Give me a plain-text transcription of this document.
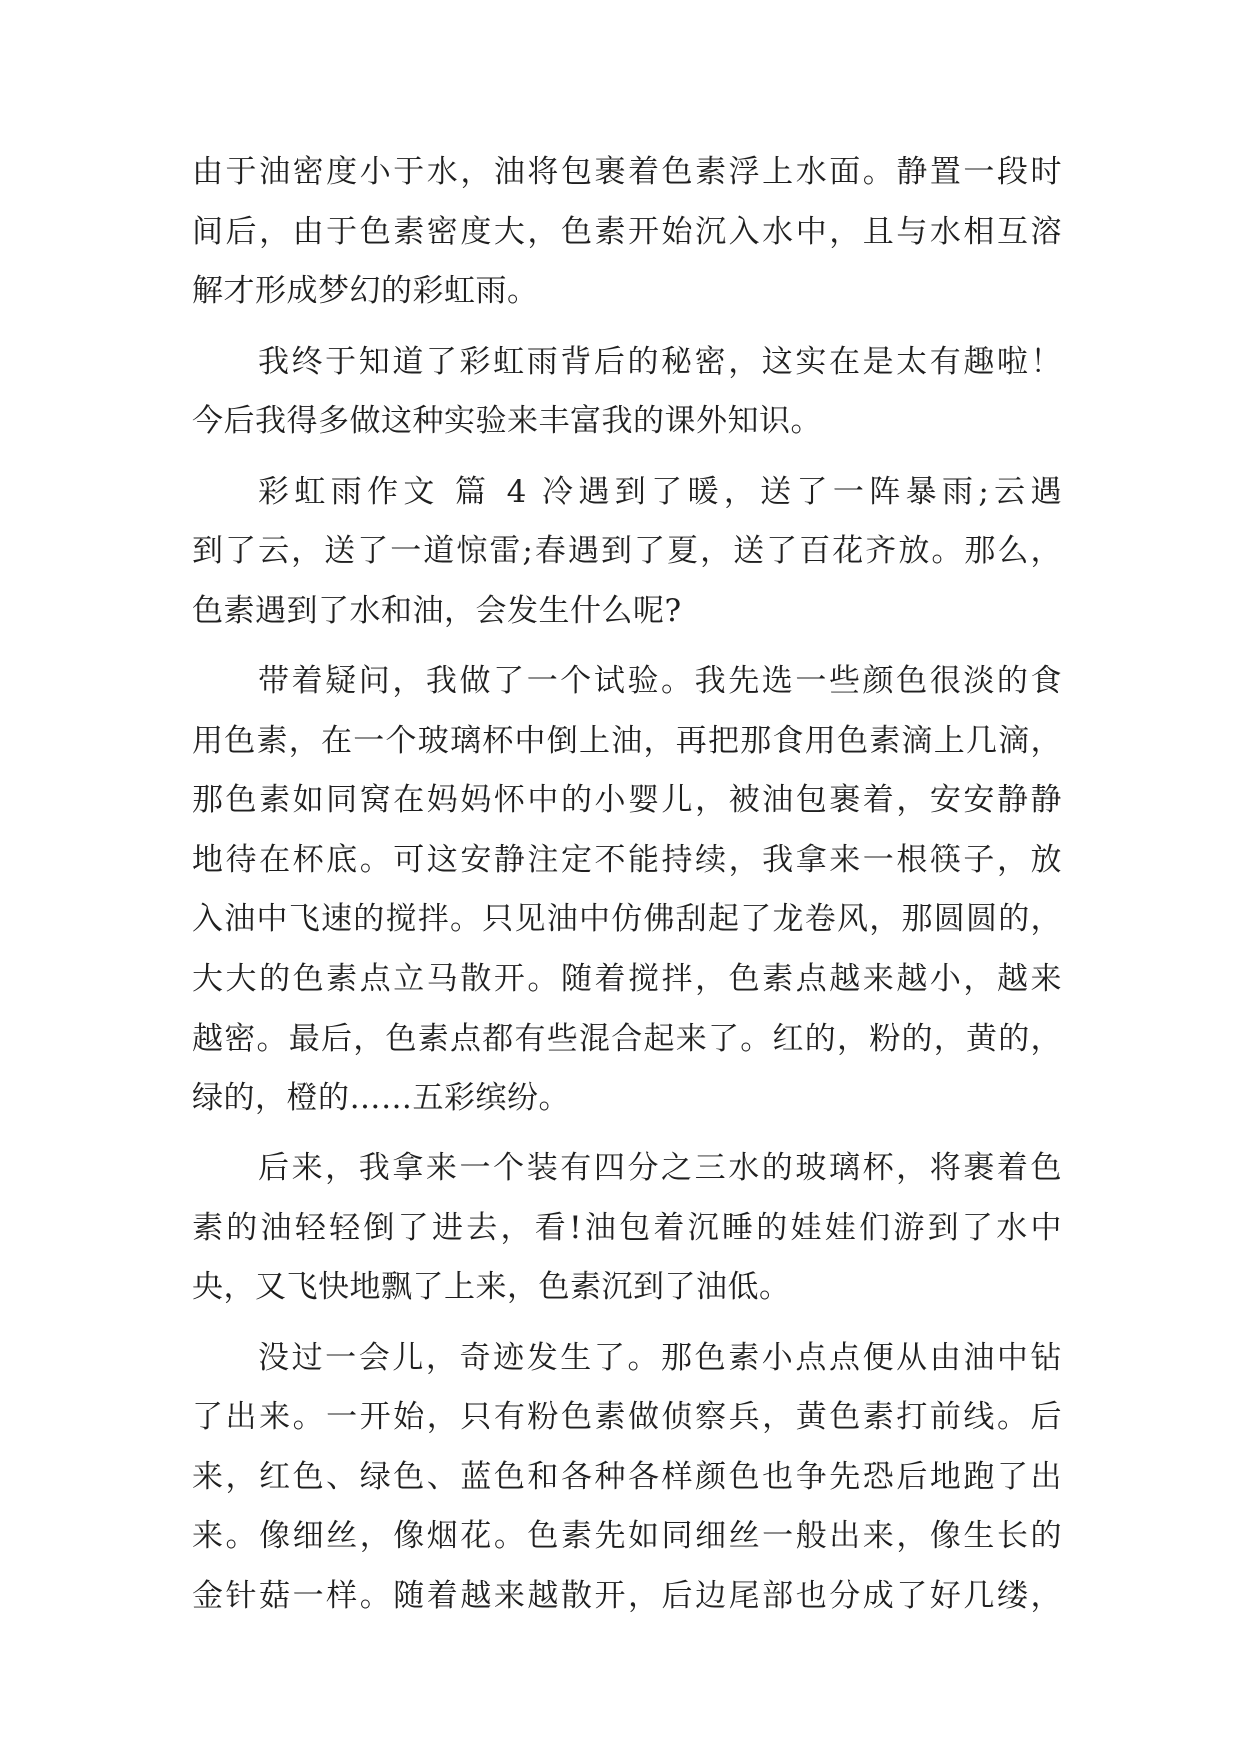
由于油密度小于水，油将包裹着色素浮上水面。静置一段时
间后，由于色素密度大，色素开始沉入水中，且与水相互溶
解才形成梦幻的彩虹雨。
我终于知道了彩虹雨背后的秘密，这实在是太有趣啦！
今后我得多做这种实验来丰富我的课外知识。
彩虹雨作文 篇 4 冷遇到了暖，送了一阵暴雨;云遇
到了云，送了一道惊雷;春遇到了夏，送了百花齐放。那么，
色素遇到了水和油，会发生什么呢?
带着疑问，我做了一个试验。我先选一些颜色很淡的食
用色素，在一个玻璃杯中倒上油，再把那食用色素滴上几滴，
那色素如同窝在妈妈怀中的小婴儿，被油包裹着，安安静静
地待在杯底。可这安静注定不能持续，我拿来一根筷子，放
入油中飞速的搅拌。只见油中仿佛刮起了龙卷风，那圆圆的，
大大的色素点立马散开。随着搅拌，色素点越来越小，越来
越密。最后，色素点都有些混合起来了。红的，粉的，黄的，
绿的，橙的……五彩缤纷。
后来，我拿来一个装有四分之三水的玻璃杯，将裹着色
素的油轻轻倒了进去，看!油包着沉睡的娃娃们游到了水中
央，又飞快地飘了上来，色素沉到了油低。
没过一会儿，奇迹发生了。那色素小点点便从由油中钻
了出来。一开始，只有粉色素做侦察兵，黄色素打前线。后
来，红色、绿色、蓝色和各种各样颜色也争先恐后地跑了出
来。像细丝，像烟花。色素先如同细丝一般出来，像生长的
金针菇一样。随着越来越散开，后边尾部也分成了好几缕，
